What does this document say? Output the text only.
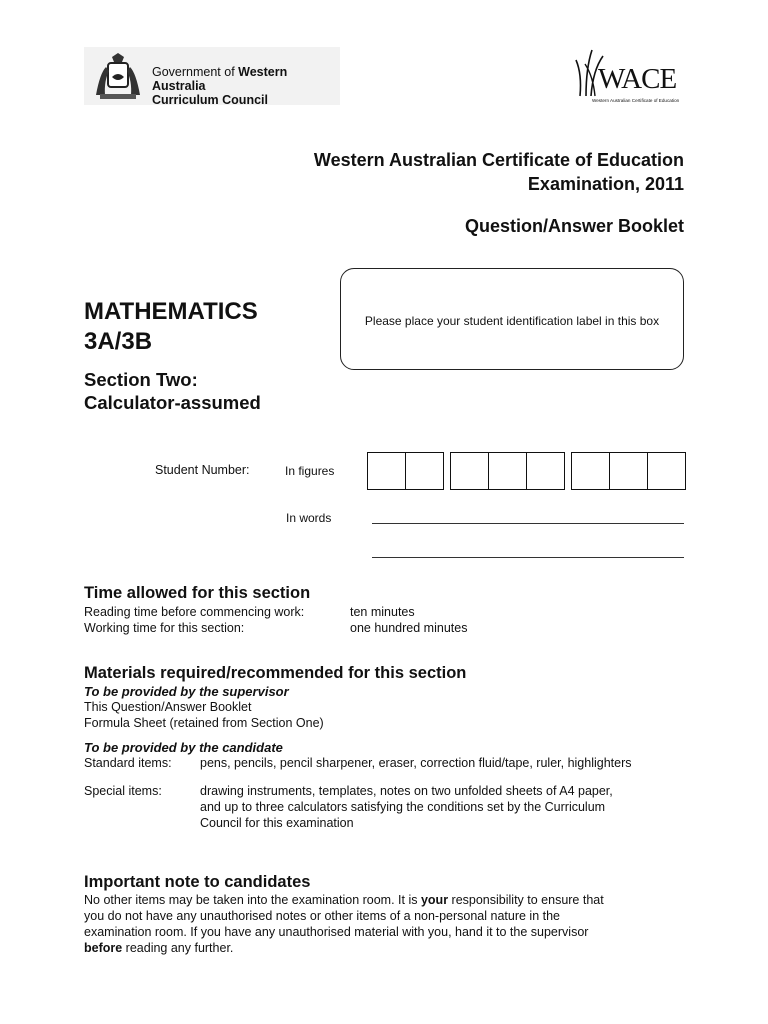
Government of Western Australia
Curriculum Council
WACE
Western Australian Certificate of Education
Western Australian Certificate of Education
Examination, 2011
Question/Answer Booklet
MATHEMATICS
3A/3B
Section Two:
Calculator-assumed
Please place your student identification label in this box
Student Number:	In figures
In words
Time allowed for this section
Reading time before commencing work:	ten minutes
Working time for this section:	one hundred minutes
Materials required/recommended for this section
To be provided by the supervisor
This Question/Answer Booklet
Formula Sheet (retained from Section One)
To be provided by the candidate
Standard items:	pens, pencils, pencil sharpener, eraser, correction fluid/tape, ruler, highlighters
Special items:	drawing instruments, templates, notes on two unfolded sheets of A4 paper,
and up to three calculators satisfying the conditions set by the Curriculum
Council for this examination
Important note to candidates
No other items may be taken into the examination room. It is your responsibility to ensure that
you do not have any unauthorised notes or other items of a non-personal nature in the
examination room. If you have any unauthorised material with you, hand it to the supervisor
before reading any further.
